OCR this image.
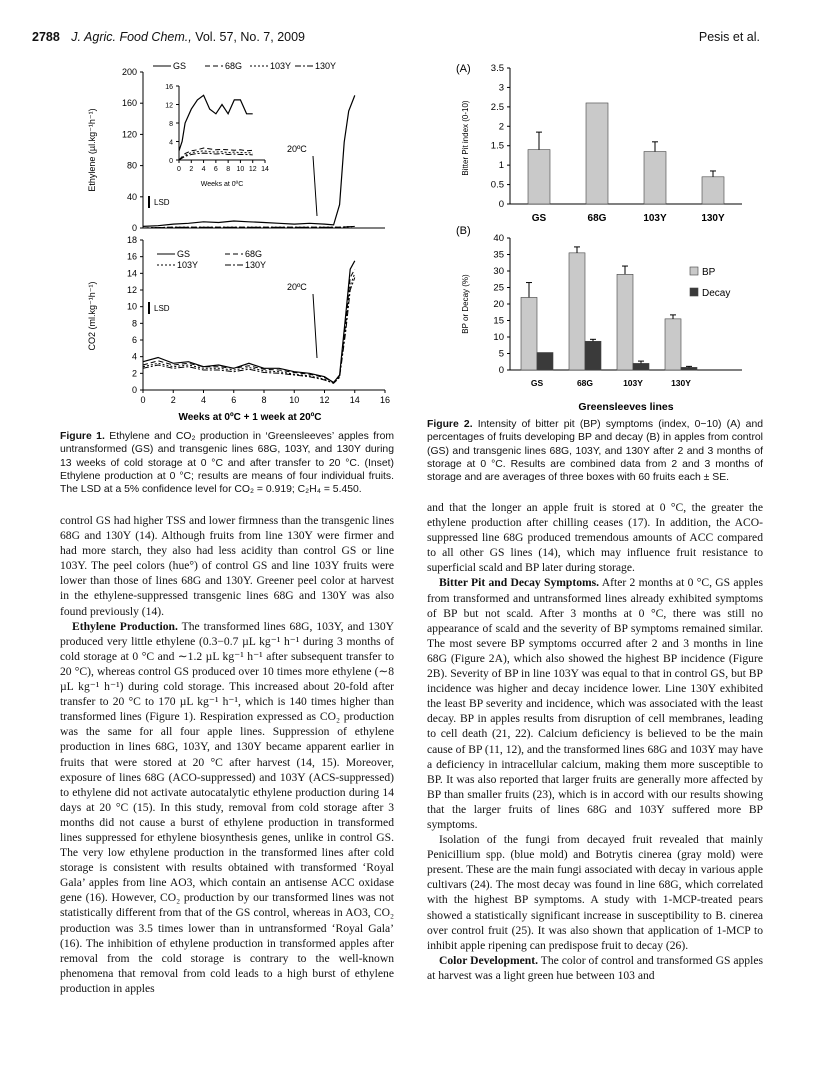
2788 J. Agric. Food Chem., Vol. 57, No. 7, 2009	Pesis et al.
0
40
80
120
160
200
GS	68G	103Y	130Y
Ethylene (µl.kg⁻¹h⁻¹)	20ºC
LSD
0
4
8
12
16
0 2 4 6 8 10 12 14
Weeks at 0ºC
0
2
4
6
8
10
12
14
16
18
0	2	4	6	8	10 12 14 16
GS	68G
103Y	130Y
CO2 (ml.kg⁻¹h⁻¹)	20ºC
LSD
Weeks at 0ºC + 1 week at 20ºC
Figure 1. Ethylene and CO₂ production in ‘Greensleeves’ apples from untransformed (GS) and transgenic lines 68G, 103Y, and 130Y during 13 weeks of cold storage at 0 °C and after transfer to 20 °C. (Inset) Ethylene production at 0 °C; results are means of four individual fruits. The LSD at a 5% confidence level for CO₂ = 0.919; C₂H₄ = 5.450.
0
0.5
1
1.5
2
2.5
3
3.5
GS	68G	103Y	130Y
(A)
Bitter Pit index (0-10)
0
5
10
15
20
25
30
35
40
GS	68G	103Y	130Y
BP
Decay
(B)
BP or Decay (%)
Greensleeves lines
Figure 2. Intensity of bitter pit (BP) symptoms (index, 0−10) (A) and percentages of fruits developing BP and decay (B) in apples from control (GS) and transgenic lines 68G, 103Y, and 130Y after 2 and 3 months of storage at 0 °C. Results are combined data from 2 and 3 months of storage and are averages of three boxes with 60 fruits each ± SE.

control GS had higher TSS and lower firmness than the transgenic lines 68G and 130Y (14). Although fruits from line 130Y were firmer and had more starch, they also had less acidity than control GS or line 103Y. The peel colors (hue°) of control GS and line 103Y fruits were lower than those of lines 68G and 130Y. Greener peel color at harvest in the ethylene-suppressed transgenic lines 68G and 130Y was also found previously (14).

Ethylene Production. The transformed lines 68G, 103Y, and 130Y produced very little ethylene (0.3−0.7 µL kg⁻¹ h⁻¹ during 3 months of cold storage at 0 °C and ∼1.2 µL kg⁻¹ h⁻¹ after subsequent transfer to 20 °C), whereas control GS produced over 10 times more ethylene (∼8 µL kg⁻¹ h⁻¹) during cold storage. This increased about 20-fold after transfer to 20 °C to 170 µL kg⁻¹ h⁻¹, which is 140 times higher than transformed lines (Figure 1). Respiration expressed as CO₂ production was the same for all four apple lines. Suppression of ethylene production in lines 68G, 103Y, and 130Y became apparent earlier in fruits that were stored at 20 °C after harvest (14, 15). Moreover, exposure of lines 68G (ACO-suppressed) and 103Y (ACS-suppressed) to ethylene did not activate autocatalytic ethylene production during 14 days at 20 °C (15). In this study, removal from cold storage after 3 months did not cause a burst of ethylene production in transformed lines suppressed for ethylene biosynthesis genes, unlike in control GS. The very low ethylene production in the transformed lines after cold storage is consistent with results obtained with transformed ‘Royal Gala’ apples from line AO3, which contain an antisense ACC oxidase gene (16). However, CO₂ production by our transformed lines was not statistically different from that of the GS control, whereas in AO3, CO₂ production was 3.5 times lower than in untransformed ‘Royal Gala’ (16). The inhibition of ethylene production in transformed apples after removal from the cold storage is contrary to the well-known phenomena that removal from cold leads to a high burst of ethylene production in apples

and that the longer an apple fruit is stored at 0 °C, the greater the ethylene production after chilling ceases (17). In addition, the ACO-suppressed line 68G produced tremendous amounts of ACC compared to all other GS lines (14), which may influence fruit resistance to superficial scald and BP later during storage.

Bitter Pit and Decay Symptoms. After 2 months at 0 °C, GS apples from transformed and untransformed lines already exhibited symptoms of BP but not scald. After 3 months at 0 °C, there was still no appearance of scald and the severity of BP symptoms remained similar. The most severe BP symptoms occurred after 2 and 3 months in line 68G (Figure 2A), which also showed the highest BP incidence (Figure 2B). Severity of BP in line 103Y was equal to that in control GS, but BP incidence was higher and decay incidence lower. Line 130Y exhibited the least BP severity and incidence, which was associated with the least decay. BP in apples results from disruption of cell membranes, leading to cell death (21, 22). Calcium deficiency is believed to be the main cause of BP (11, 12), and the transformed lines 68G and 103Y may have a deficiency in intracellular calcium, making them more susceptible to BP. It was also reported that larger fruits are generally more affected by BP than smaller fruits (23), which is in accord with our results showing that the larger fruits of lines 68G and 103Y suffered more BP symptoms.

Isolation of the fungi from decayed fruit revealed that mainly Penicillium spp. (blue mold) and Botrytis cinerea (gray mold) were present. These are the main fungi associated with decay in various apple cultivars (24). The most decay was found in line 68G, which correlated with the highest BP symptoms. A study with 1-MCP-treated pears showed a statistically significant increase in susceptibility to B. cinerea over control fruit (25). It was also shown that application of 1-MCP to inhibit apple ripening can predispose fruit to decay (26).

Color Development. The color of control and transformed GS apples at harvest was a light green hue between 103 and
